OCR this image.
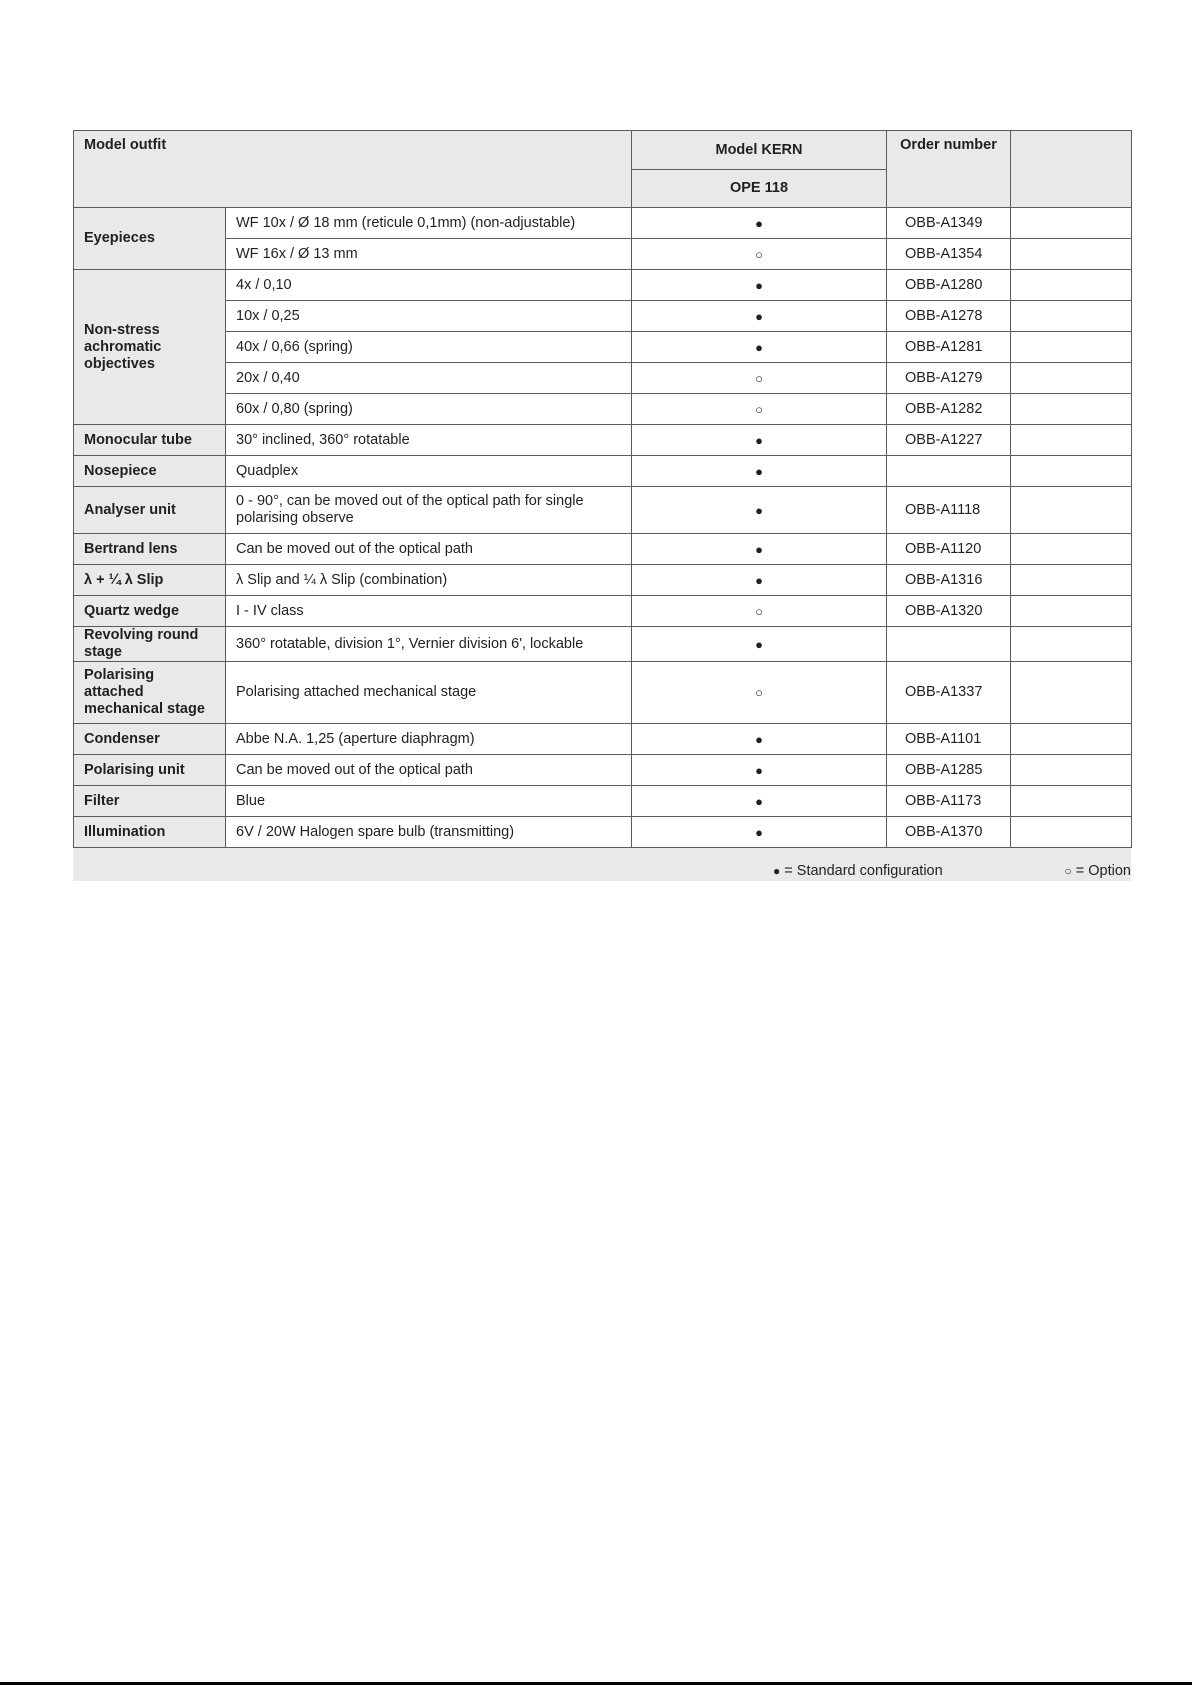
Model outfit		Model KERN	Order number	
		OPE 118		
Eyepieces	WF 10x / Ø 18 mm (reticule 0,1mm) (non-adjustable)	●	OBB-A1349	
	WF 16x / Ø 13 mm	○	OBB-A1354	
Non-stress achromatic objectives	4x / 0,10	●	OBB-A1280	
	10x / 0,25	●	OBB-A1278	
	40x / 0,66 (spring)	●	OBB-A1281	
	20x / 0,40	○	OBB-A1279	
	60x / 0,80 (spring)	○	OBB-A1282	
Monocular tube	30° inclined, 360° rotatable	●	OBB-A1227	
Nosepiece	Quadplex	●		
Analyser unit	0 - 90°, can be moved out of the optical path for single polarising observe	●	OBB-A1118	
Bertrand lens	Can be moved out of the optical path	●	OBB-A1120	
λ + ¼ λ Slip	λ Slip and ¼ λ Slip (combination)	●	OBB-A1316	
Quartz wedge	I - IV class	○	OBB-A1320	
Revolving round stage	360° rotatable, division 1°, Vernier division 6', lockable	●		
Polarising attached mechanical stage	Polarising attached mechanical stage	○	OBB-A1337	
Condenser	Abbe N.A. 1,25 (aperture diaphragm)	●	OBB-A1101	
Polarising unit	Can be moved out of the optical path	●	OBB-A1285	
Filter	Blue	●	OBB-A1173	
Illumination	6V / 20W Halogen spare bulb (transmitting)	●	OBB-A1370	
● = Standard configuration	○ = Option
